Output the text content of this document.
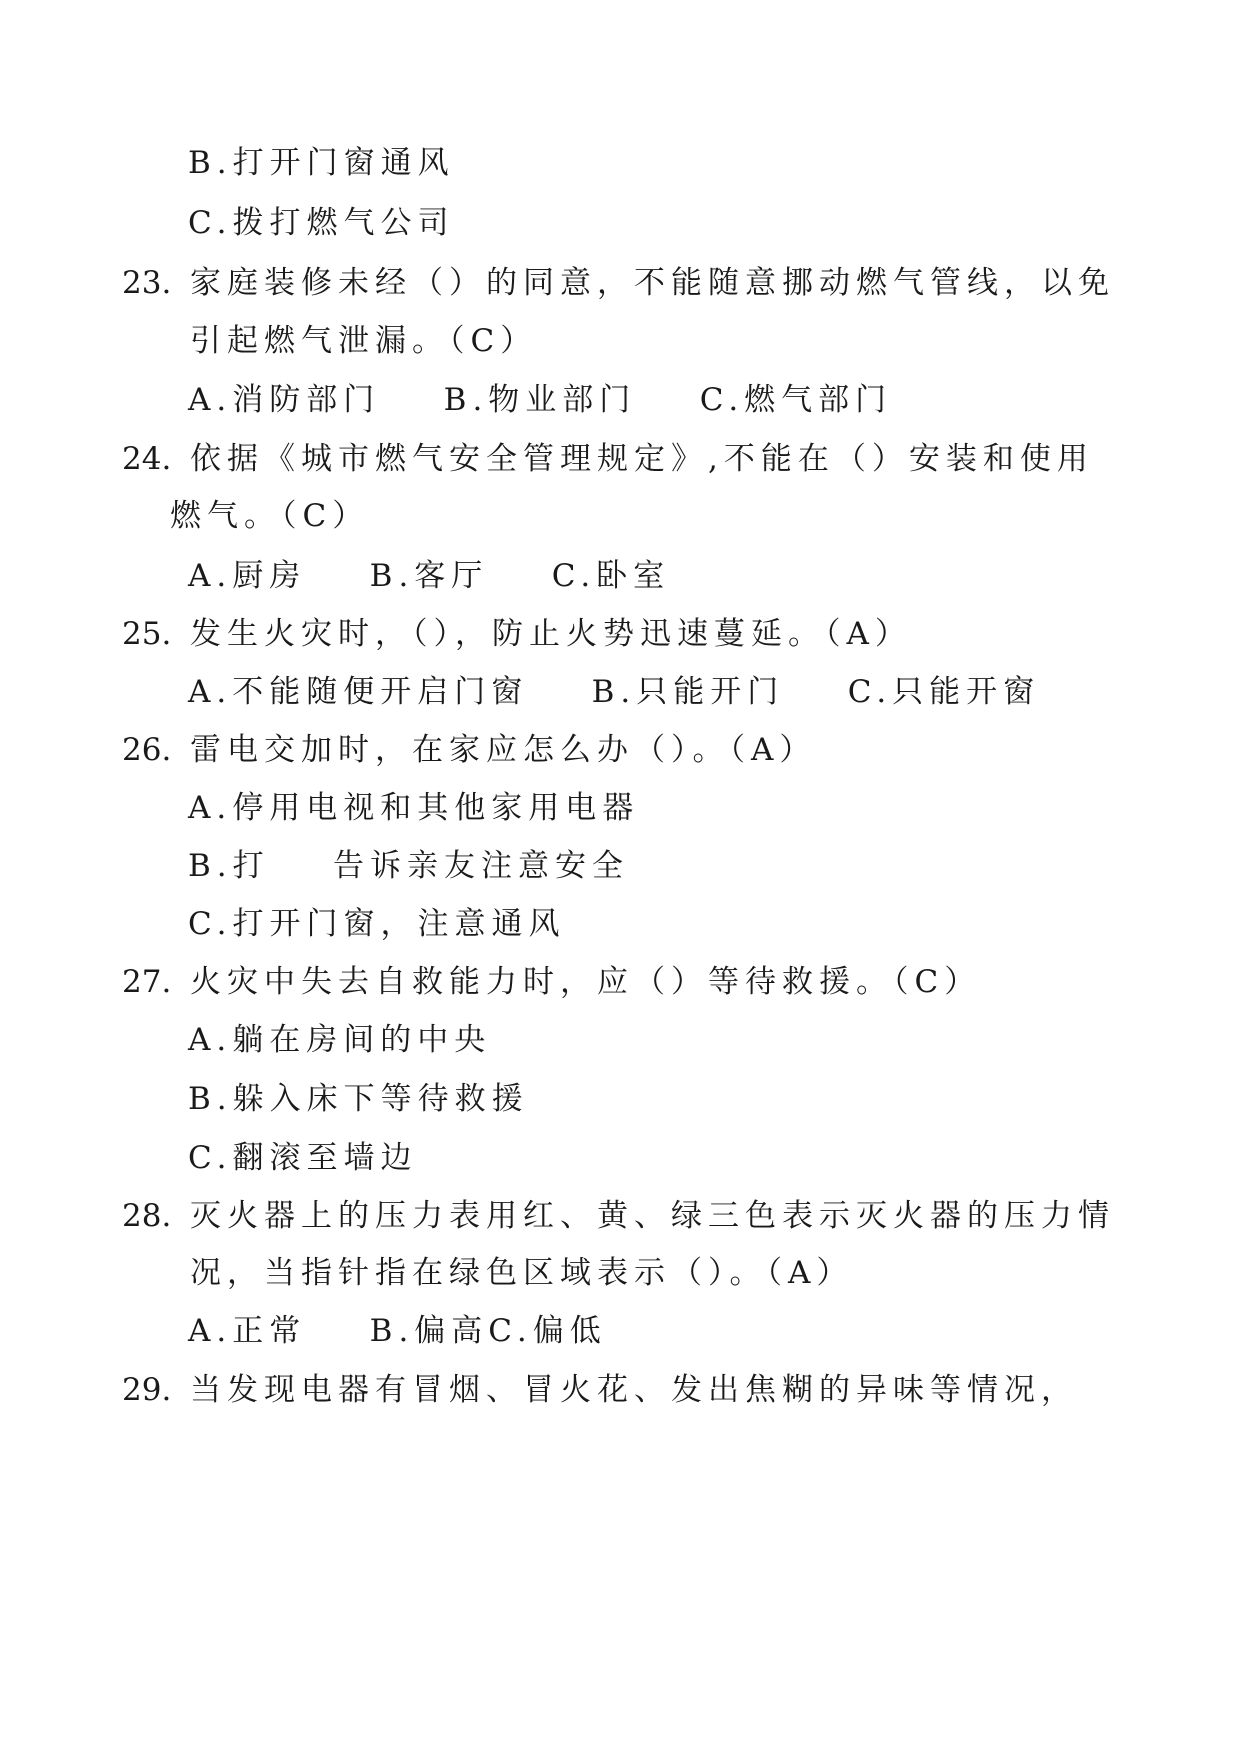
B.打开门窗通风
C.拨打燃气公司
23. 家庭装修未经（）的同意，不能随意挪动燃气管线，以免
引起燃气泄漏。（C）
A.消防部门    B.物业部门    C.燃气部门
24. 依据《城市燃气安全管理规定》,不能在（）安装和使用
燃气。（C）
A.厨房    B.客厅    C.卧室
25. 发生火灾时，（），防止火势迅速蔓延。（A）
A.不能随便开启门窗    B.只能开门    C.只能开窗
26. 雷电交加时，在家应怎么办（）。（A）
A.停用电视和其他家用电器
B.打    告诉亲友注意安全
C.打开门窗，注意通风
27. 火灾中失去自救能力时，应（）等待救援。（C）
A.躺在房间的中央
B.躲入床下等待救援
C.翻滚至墙边
28. 灭火器上的压力表用红、黄、绿三色表示灭火器的压力情
况，当指针指在绿色区域表示（）。（A）
A.正常    B.偏高C.偏低
29. 当发现电器有冒烟、冒火花、发出焦糊的异味等情况，
